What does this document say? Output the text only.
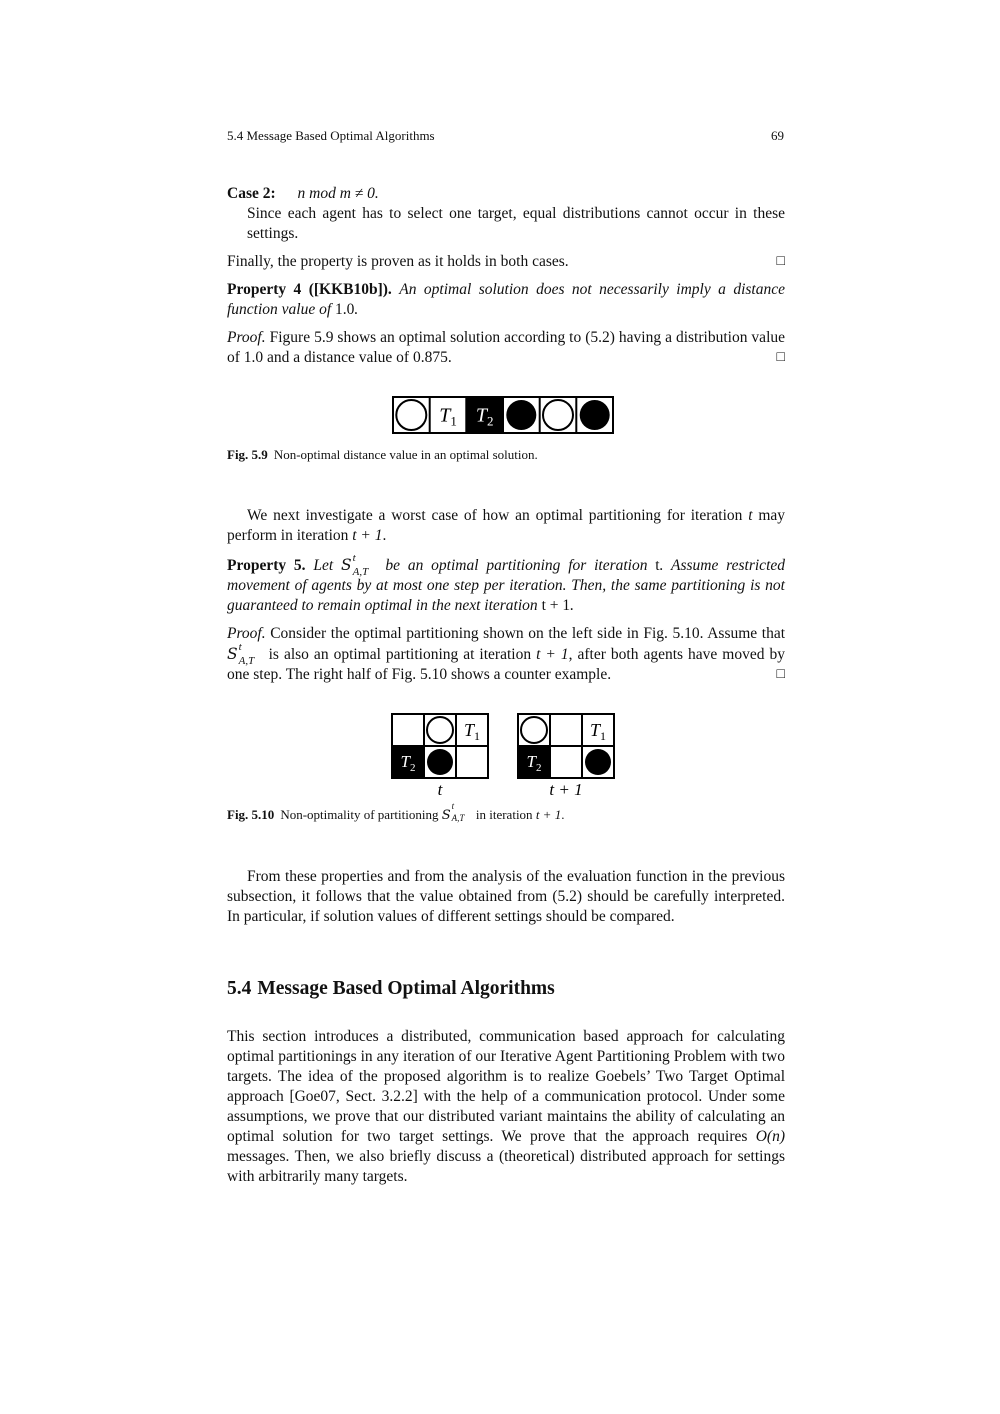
5.4 Message Based Optimal Algorithms	69
Case 2: n mod m ≠ 0.
Since each agent has to select one target, equal distributions cannot occur in these settings.
Finally, the property is proven as it holds in both cases.	□
Property 4 ([KKB10b]). An optimal solution does not necessarily imply a distance function value of 1.0.
Proof. Figure 5.9 shows an optimal solution according to (5.2) having a distribution value of 1.0 and a distance value of 0.875.	□
$T_1$ $T_2$
Fig. 5.9 Non-optimal distance value in an optimal solution.
We next investigate a worst case of how an optimal partitioning for iteration t may perform in iteration t + 1.
Property 5. Let S t
A,T be an optimal partitioning for iteration t. Assume restricted movement of agents by at most one step per iteration. Then, the same partitioning is not guaranteed to remain optimal in the next iteration t + 1.
Proof. Consider the optimal partitioning shown on the left side in Fig. 5.10. Assume that S t
A,T is also an optimal partitioning at iteration t + 1, after both agents have moved by one step. The right half of Fig. 5.10 shows a counter example.	□
$T_1$
$T_2$
$T_1$
$T_2$
t	t + 1
Fig. 5.10 Non-optimality of partitioning S
t
A,T in iteration t + 1.
From these properties and from the analysis of the evaluation function in the previous subsection, it follows that the value obtained from (5.2) should be carefully interpreted. In particular, if solution values of different settings should be compared.
5.4 Message Based Optimal Algorithms
This section introduces a distributed, communication based approach for calculating optimal partitionings in any iteration of our Iterative Agent Partitioning Problem with two targets. The idea of the proposed algorithm is to realize Goebels’ Two Target Optimal approach [Goe07, Sect. 3.2.2] with the help of a communication protocol. Under some assumptions, we prove that our distributed variant maintains the ability of calculating an optimal solution for two target settings. We prove that the approach requires O(n) messages. Then, we also briefly discuss a (theoretical) distributed approach for settings with arbitrarily many targets.
